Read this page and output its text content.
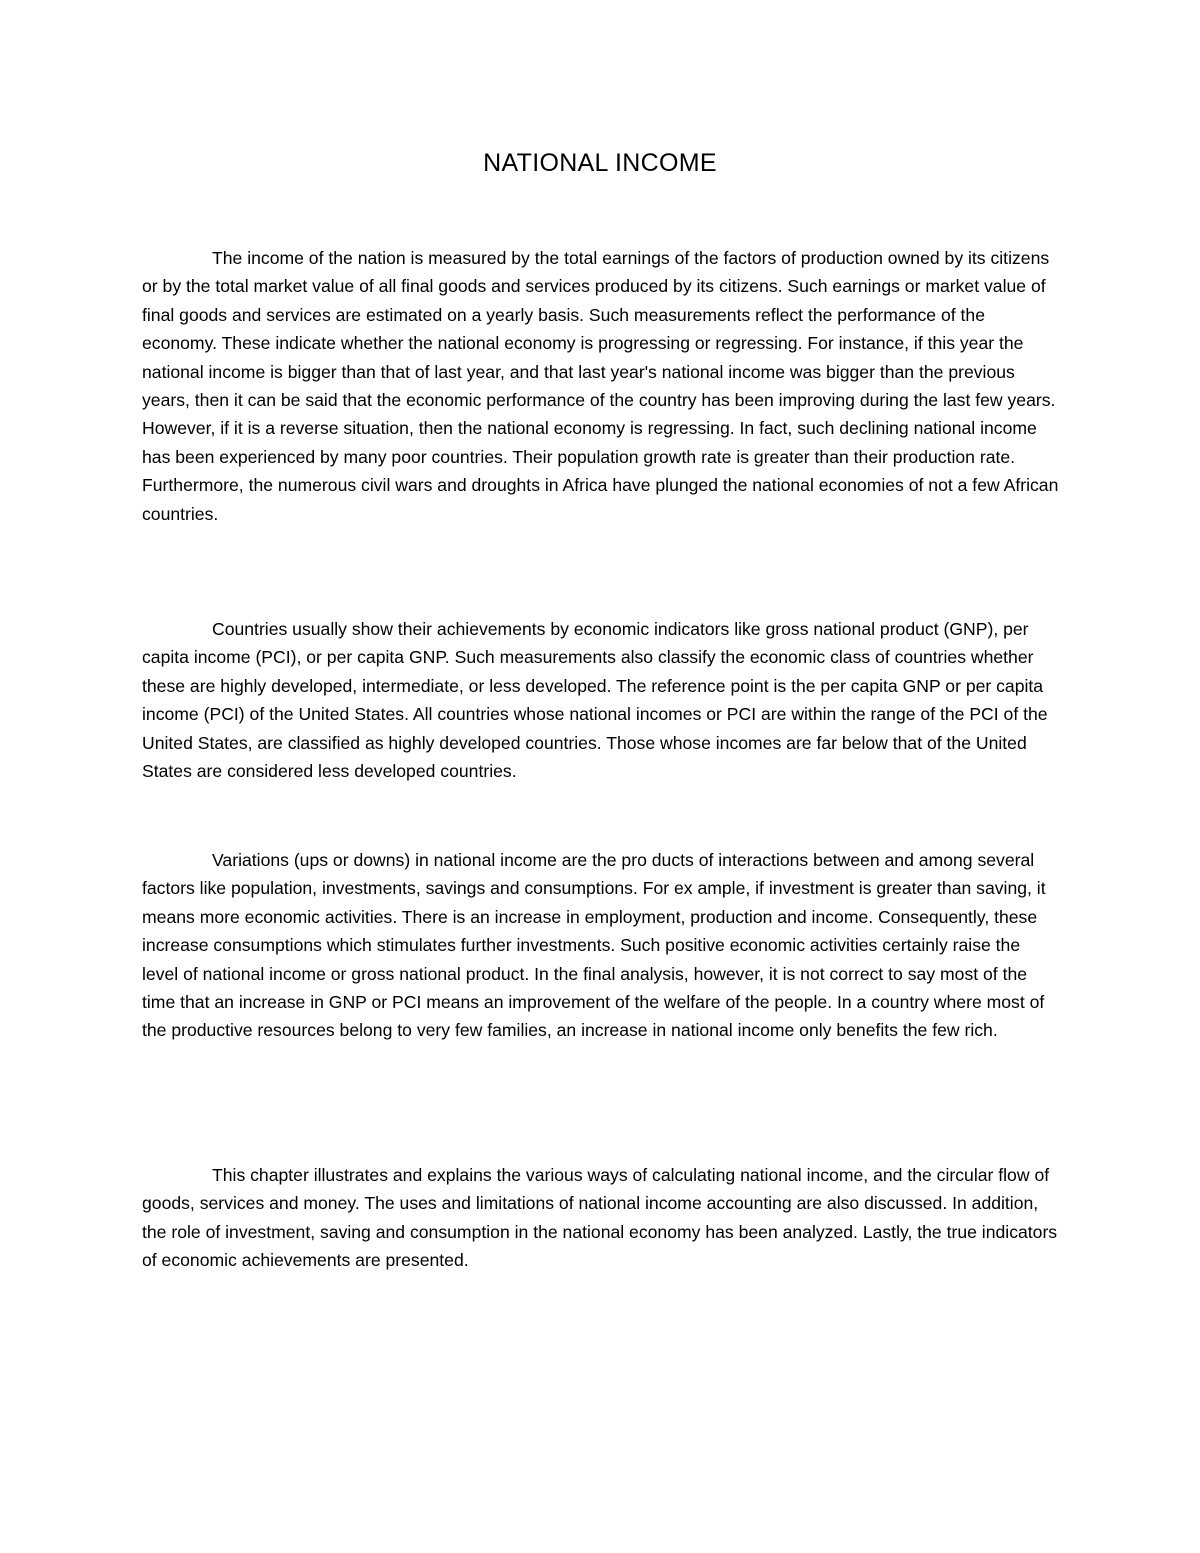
NATIONAL INCOME

The income of the nation is measured by the total earnings of the factors of production owned by its citizens or by the total market value of all final goods and services produced by its citizens. Such earnings or market value of final goods and services are estimated on a yearly basis. Such measurements reflect the performance of the economy. These indicate whether the national economy is progressing or regressing. For instance, if this year the national income is bigger than that of last year, and that last year's national income was bigger than the previous years, then it can be said that the economic performance of the country has been improving during the last few years. However, if it is a reverse situation, then the national economy is regressing. In fact, such declining national income has been experienced by many poor countries. Their population growth rate is greater than their production rate. Furthermore, the numerous civil wars and droughts in Africa have plunged the national economies of not a few African countries.

Countries usually show their achievements by economic indicators like gross national product (GNP), per capita income (PCI), or per capita GNP. Such measurements also classify the economic class of countries whether these are highly developed, intermediate, or less developed. The reference point is the per capita GNP or per capita income (PCI) of the United States. All countries whose national incomes or PCI are within the range of the PCI of the United States, are classified as highly developed countries. Those whose incomes are far below that of the United States are considered less developed countries.

Variations (ups or downs) in national income are the pro ducts of interactions between and among several factors like population, investments, savings and consumptions. For ex ample, if investment is greater than saving, it means more economic activities. There is an increase in employment, production and income. Consequently, these increase consumptions which stimulates further investments. Such positive economic activities certainly raise the level of national income or gross national product. In the final analysis, however, it is not correct to say most of the time that an increase in GNP or PCI means an improvement of the welfare of the people. In a country where most of the productive resources belong to very few families, an increase in national income only benefits the few rich.

This chapter illustrates and explains the various ways of calculating national income, and the circular flow of goods, services and money. The uses and limitations of national income accounting are also discussed. In addition, the role of investment, saving and consumption in the national economy has been analyzed. Lastly, the true indicators of economic achievements are presented.
